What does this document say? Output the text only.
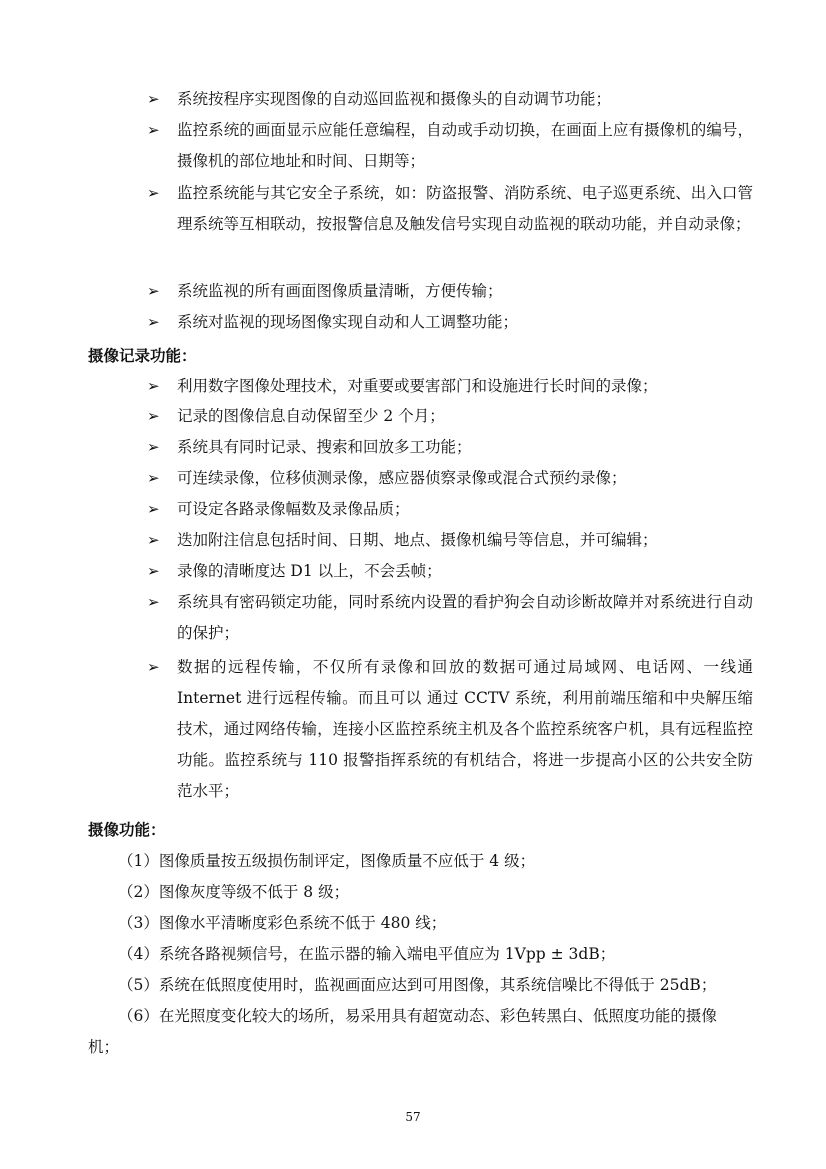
➢	系统按程序实现图像的自动巡回监视和摄像头的自动调节功能；
➢	监控系统的画面显示应能任意编程，自动或手动切换，在画面上应有摄像机的编号，摄像机的部位地址和时间、日期等；
➢	监控系统能与其它安全子系统，如：防盗报警、消防系统、电子巡更系统、出入口管理系统等互相联动，按报警信息及触发信号实现自动监视的联动功能，并自动录像；
➢	系统监视的所有画面图像质量清晰，方便传输；
➢	系统对监视的现场图像实现自动和人工调整功能；
摄像记录功能：
➢	利用数字图像处理技术，对重要或要害部门和设施进行长时间的录像；
➢	记录的图像信息自动保留至少 2 个月；
➢	系统具有同时记录、搜索和回放多工功能；
➢	可连续录像，位移侦测录像，感应器侦察录像或混合式预约录像；
➢	可设定各路录像幅数及录像品质；
➢	迭加附注信息包括时间、日期、地点、摄像机编号等信息，并可编辑；
➢	录像的清晰度达 D1 以上，不会丢帧；
➢	系统具有密码锁定功能，同时系统内设置的看护狗会自动诊断故障并对系统进行自动的保护；
➢	数据的远程传输，不仅所有录像和回放的数据可通过局域网、电话网、一线通 Internet 进行远程传输。而且可以 通过 CCTV 系统，利用前端压缩和中央解压缩技术，通过网络传输，连接小区监控系统主机及各个监控系统客户机，具有远程监控功能。监控系统与 110 报警指挥系统的有机结合，将进一步提高小区的公共安全防范水平；
摄像功能：
（1）图像质量按五级损伤制评定，图像质量不应低于 4 级；
（2）图像灰度等级不低于 8 级；
（3）图像水平清晰度彩色系统不低于 480 线；
（4）系统各路视频信号，在监示器的输入端电平值应为 1Vpp ± 3dB；
（5）系统在低照度使用时，监视画面应达到可用图像，其系统信噪比不得低于 25dB；
（6）在光照度变化较大的场所，易采用具有超宽动态、彩色转黑白、低照度功能的摄像
机；
57
